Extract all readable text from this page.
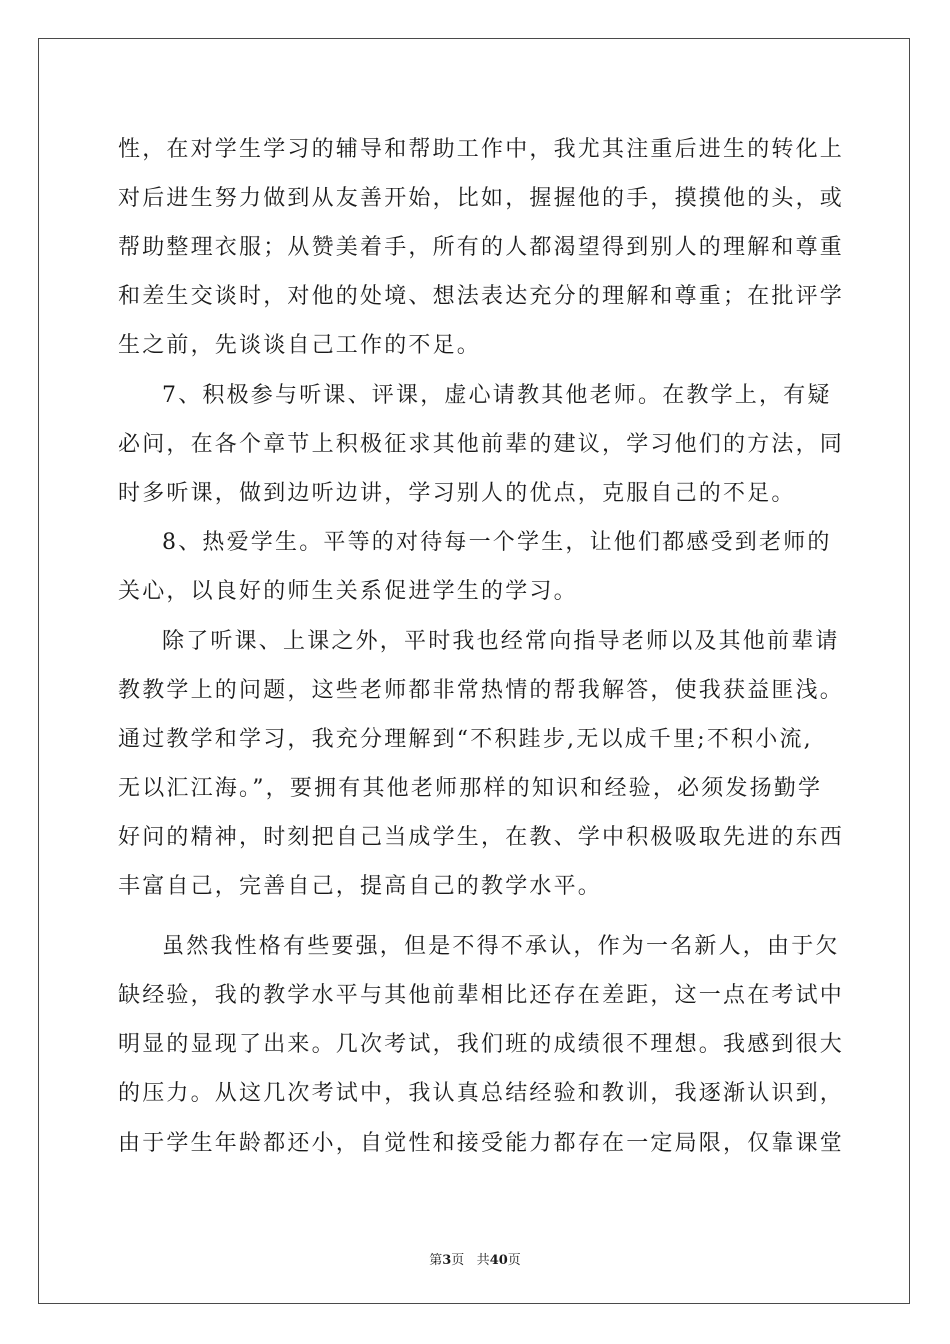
性，在对学生学习的辅导和帮助工作中，我尤其注重后进生的转化上
对后进生努力做到从友善开始，比如，握握他的手，摸摸他的头，或
帮助整理衣服；从赞美着手，所有的人都渴望得到别人的理解和尊重
和差生交谈时，对他的处境、想法表达充分的理解和尊重；在批评学
生之前，先谈谈自己工作的不足。
7、积极参与听课、评课，虚心请教其他老师。在教学上，有疑
必问，在各个章节上积极征求其他前辈的建议，学习他们的方法，同
时多听课，做到边听边讲，学习别人的优点，克服自己的不足。
8、热爱学生。平等的对待每一个学生，让他们都感受到老师的
关心，以良好的师生关系促进学生的学习。
除了听课、上课之外，平时我也经常向指导老师以及其他前辈请
教教学上的问题，这些老师都非常热情的帮我解答，使我获益匪浅。
通过教学和学习，我充分理解到“不积跬步,无以成千里;不积小流,
无以汇江海。”，要拥有其他老师那样的知识和经验，必须发扬勤学
好问的精神，时刻把自己当成学生，在教、学中积极吸取先进的东西
丰富自己，完善自己，提高自己的教学水平。
虽然我性格有些要强，但是不得不承认，作为一名新人，由于欠
缺经验，我的教学水平与其他前辈相比还存在差距，这一点在考试中
明显的显现了出来。几次考试，我们班的成绩很不理想。我感到很大
的压力。从这几次考试中，我认真总结经验和教训，我逐渐认识到，
由于学生年龄都还小，自觉性和接受能力都存在一定局限，仅靠课堂
第3页 共40页
